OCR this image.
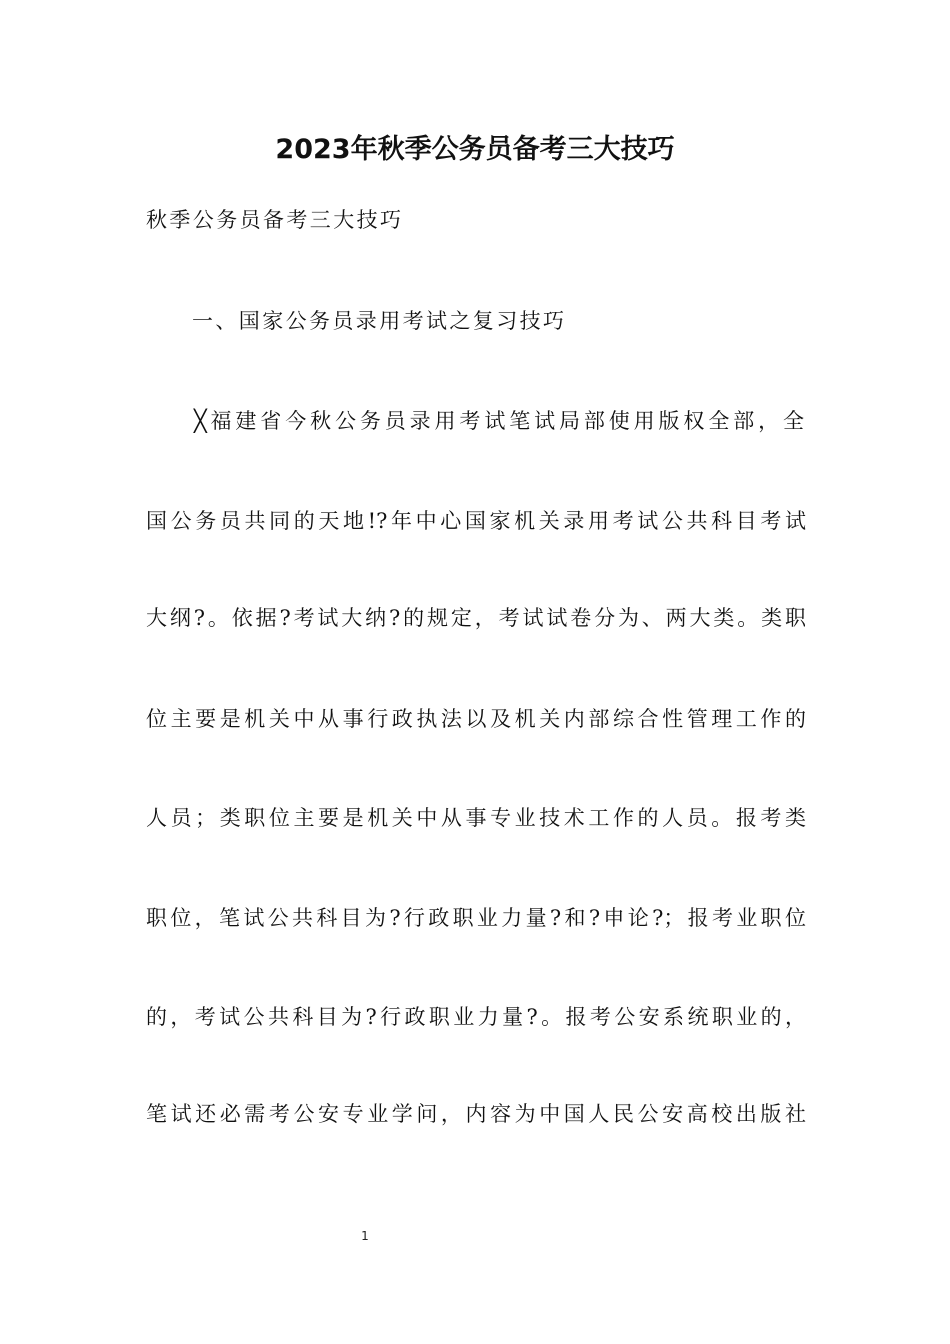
2023年秋季公务员备考三大技巧
秋季公务员备考三大技巧
一、国家公务员录用考试之复习技巧
╳福建省今秋公务员录用考试笔试局部使用版权全部，全
国公务员共同的天地!?年中心国家机关录用考试公共科目考试
大纲?。依据?考试大纳?的规定，考试试卷分为、两大类。类职
位主要是机关中从事行政执法以及机关内部综合性管理工作的
人员；类职位主要是机关中从事专业技术工作的人员。报考类
职位，笔试公共科目为?行政职业力量?和?申论?；报考业职位
的，考试公共科目为?行政职业力量?。报考公安系统职业的，
笔试还必需考公安专业学问，内容为中国人民公安高校出版社
1
